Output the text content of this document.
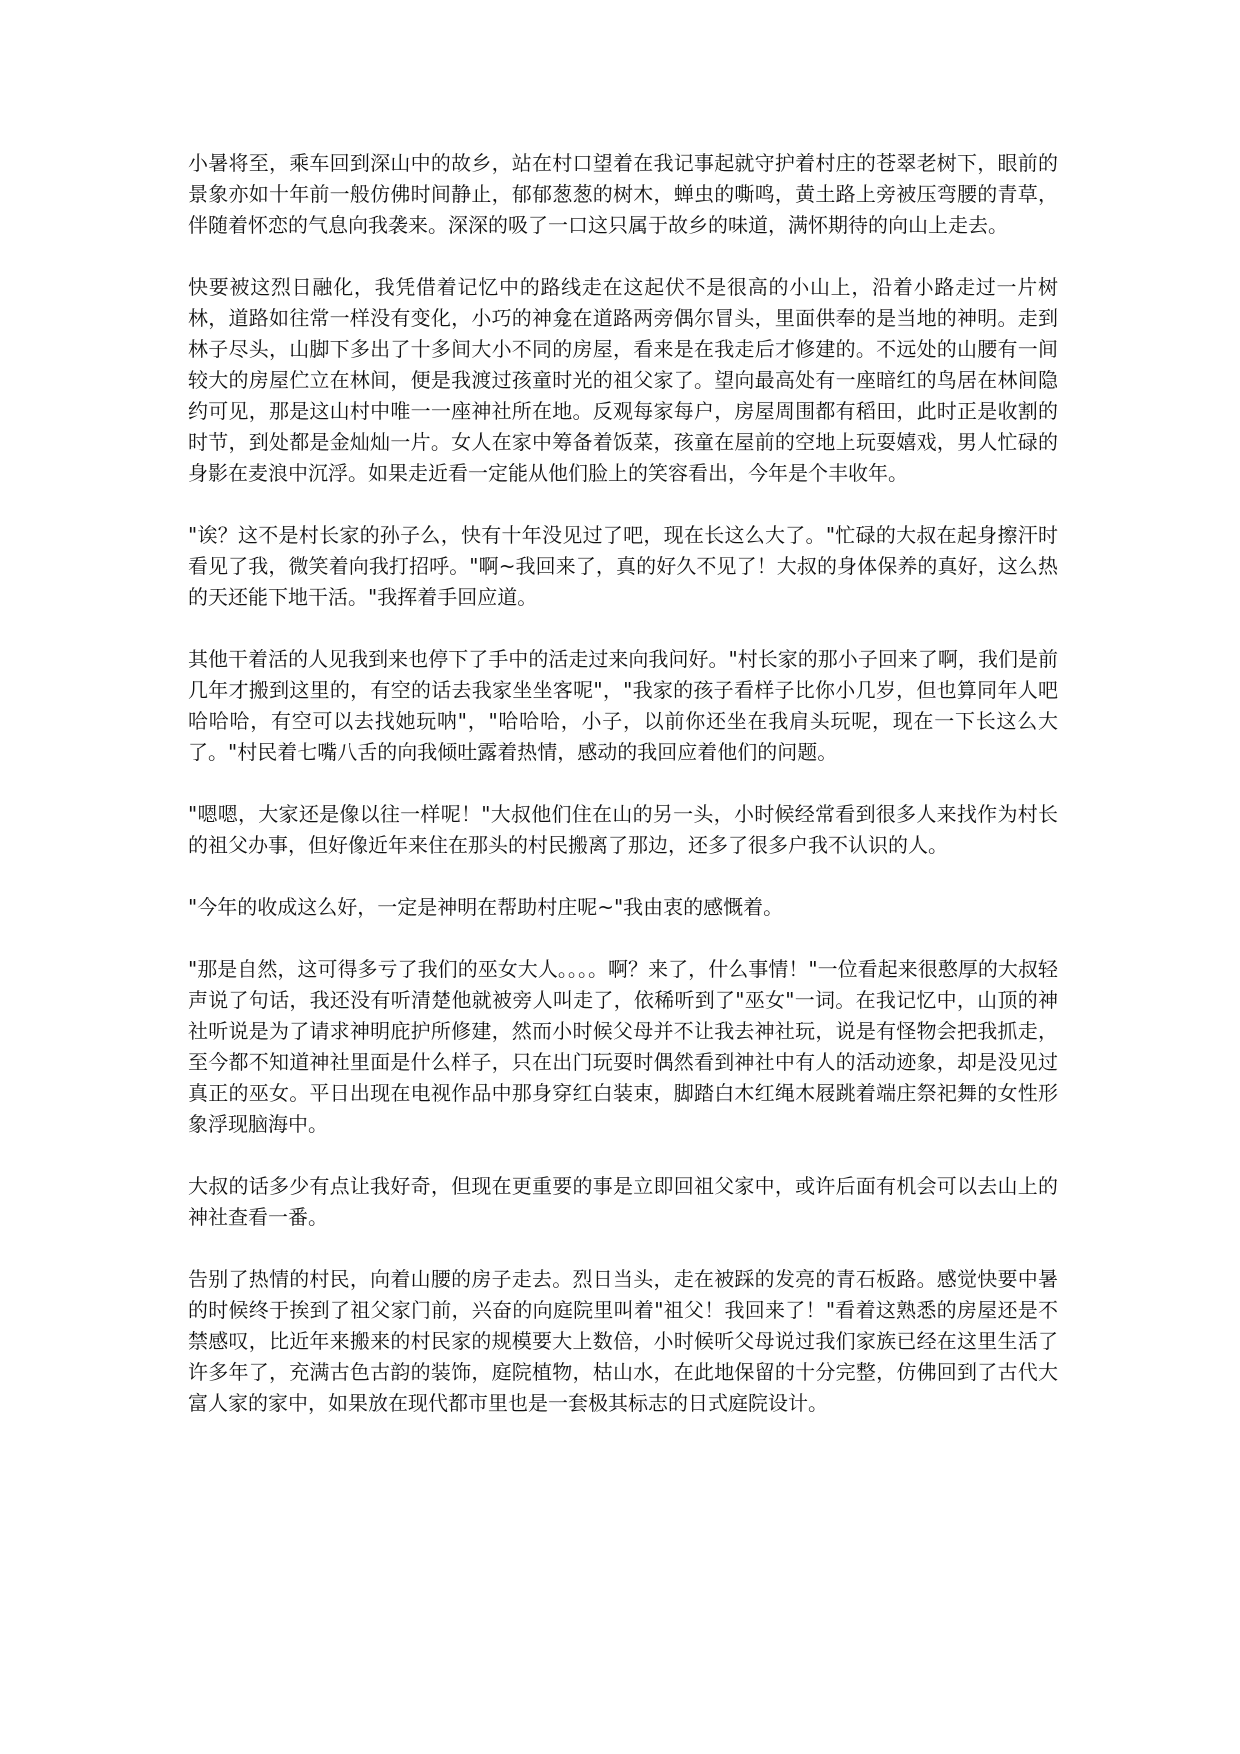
小暑将至，乘车回到深山中的故乡，站在村口望着在我记事起就守护着村庄的苍翠老树下，眼前的景象亦如十年前一般仿佛时间静止，郁郁葱葱的树木，蝉虫的嘶鸣，黄土路上旁被压弯腰的青草，伴随着怀恋的气息向我袭来。深深的吸了一口这只属于故乡的味道，满怀期待的向山上走去。

快要被这烈日融化，我凭借着记忆中的路线走在这起伏不是很高的小山上，沿着小路走过一片树林，道路如往常一样没有变化，小巧的神龛在道路两旁偶尔冒头，里面供奉的是当地的神明。走到林子尽头，山脚下多出了十多间大小不同的房屋，看来是在我走后才修建的。不远处的山腰有一间较大的房屋伫立在林间，便是我渡过孩童时光的祖父家了。望向最高处有一座暗红的鸟居在林间隐约可见，那是这山村中唯一一座神社所在地。反观每家每户，房屋周围都有稻田，此时正是收割的时节，到处都是金灿灿一片。女人在家中筹备着饭菜，孩童在屋前的空地上玩耍嬉戏，男人忙碌的身影在麦浪中沉浮。如果走近看一定能从他们脸上的笑容看出，今年是个丰收年。

"诶？这不是村长家的孙子么，快有十年没见过了吧，现在长这么大了。"忙碌的大叔在起身擦汗时看见了我，微笑着向我打招呼。"啊~我回来了，真的好久不见了！大叔的身体保养的真好，这么热的天还能下地干活。"我挥着手回应道。

其他干着活的人见我到来也停下了手中的活走过来向我问好。"村长家的那小子回来了啊，我们是前几年才搬到这里的，有空的话去我家坐坐客呢"，"我家的孩子看样子比你小几岁，但也算同年人吧哈哈哈，有空可以去找她玩呐"，"哈哈哈，小子，以前你还坐在我肩头玩呢，现在一下长这么大了。"村民着七嘴八舌的向我倾吐露着热情，感动的我回应着他们的问题。

"嗯嗯，大家还是像以往一样呢！"大叔他们住在山的另一头，小时候经常看到很多人来找作为村长的祖父办事，但好像近年来住在那头的村民搬离了那边，还多了很多户我不认识的人。

"今年的收成这么好，一定是神明在帮助村庄呢~"我由衷的感慨着。

"那是自然，这可得多亏了我们的巫女大人。。。。啊？来了，什么事情！"一位看起来很憨厚的大叔轻声说了句话，我还没有听清楚他就被旁人叫走了，依稀听到了"巫女"一词。在我记忆中，山顶的神社听说是为了请求神明庇护所修建，然而小时候父母并不让我去神社玩，说是有怪物会把我抓走，至今都不知道神社里面是什么样子，只在出门玩耍时偶然看到神社中有人的活动迹象，却是没见过真正的巫女。平日出现在电视作品中那身穿红白装束，脚踏白木红绳木屐跳着端庄祭祀舞的女性形象浮现脑海中。

大叔的话多少有点让我好奇，但现在更重要的事是立即回祖父家中，或许后面有机会可以去山上的神社查看一番。

告别了热情的村民，向着山腰的房子走去。烈日当头，走在被踩的发亮的青石板路。感觉快要中暑的时候终于挨到了祖父家门前，兴奋的向庭院里叫着"祖父！我回来了！"看着这熟悉的房屋还是不禁感叹，比近年来搬来的村民家的规模要大上数倍，小时候听父母说过我们家族已经在这里生活了许多年了，充满古色古韵的装饰，庭院植物，枯山水，在此地保留的十分完整，仿佛回到了古代大富人家的家中，如果放在现代都市里也是一套极其标志的日式庭院设计。
